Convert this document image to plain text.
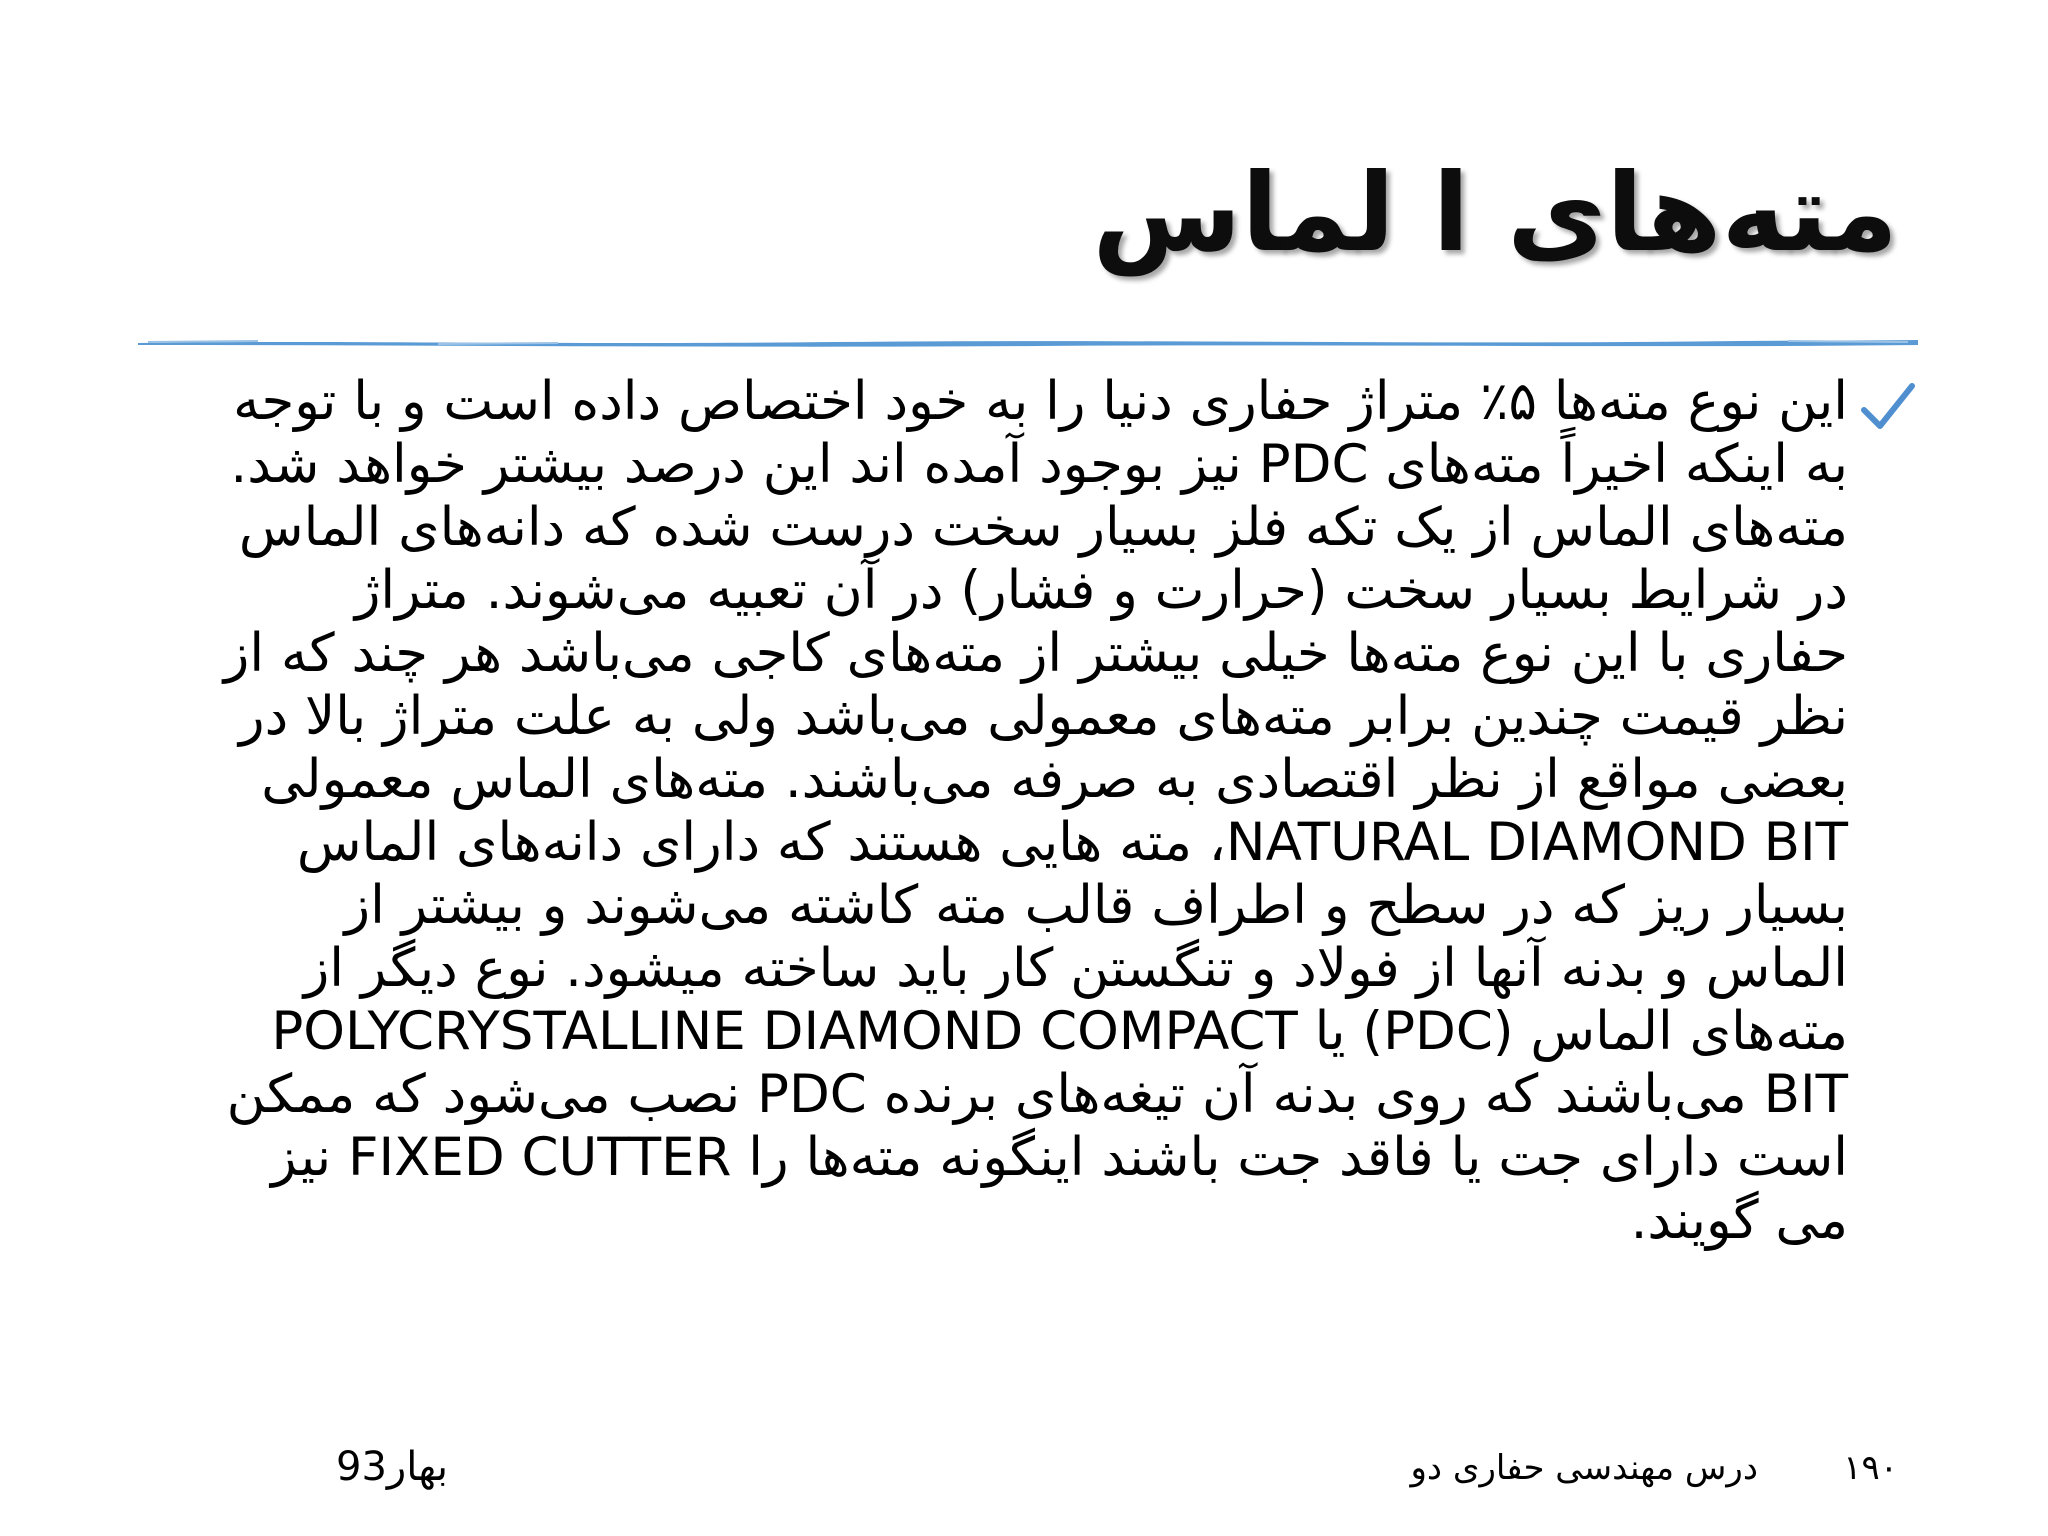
مته‌های ا لماس

این نوع مته‌ها ۵٪ متراژ حفاری دنیا را به خود اختصاص داده است و با توجه به اینکه اخیراً مته‌های PDC نیز بوجود آمده اند این درصد بیشتر خواهد شد.

مته‌های الماس از یک تکه فلز بسیار سخت درست شده که دانه‌های الماس در شرایط بسیار سخت (حرارت و فشار) در آن تعبیه می‌شوند. متراژ حفاری با این نوع مته‌ها خیلی بیشتر از مته‌های کاجی می‌باشد هر چند که از نظر قیمت چندین برابر مته‌های معمولی می‌باشد ولی به علت متراژ بالا در بعضی مواقع از نظر اقتصادی به صرفه می‌باشند. مته‌های الماس معمولی NATURAL DIAMOND BIT، مته هایی هستند که دارای دانه‌های الماس بسیار ریز که در سطح و اطراف قالب مته کاشته می‌شوند و بیشتر از الماس و بدنه آنها از فولاد و تنگستن کار باید ساخته میشود. نوع دیگر از مته‌های الماس (PDC) یا POLYCRYSTALLINE DIAMOND COMPACT BIT می‌باشند که روی بدنه آن تیغه‌های برنده PDC نصب می‌شود که ممکن است دارای جت یا فاقد جت باشند اینگونه مته‌ها را FIXED CUTTER نیز می گویند.

۱۹۰
درس مهندسی حفاری دو
بهار93
